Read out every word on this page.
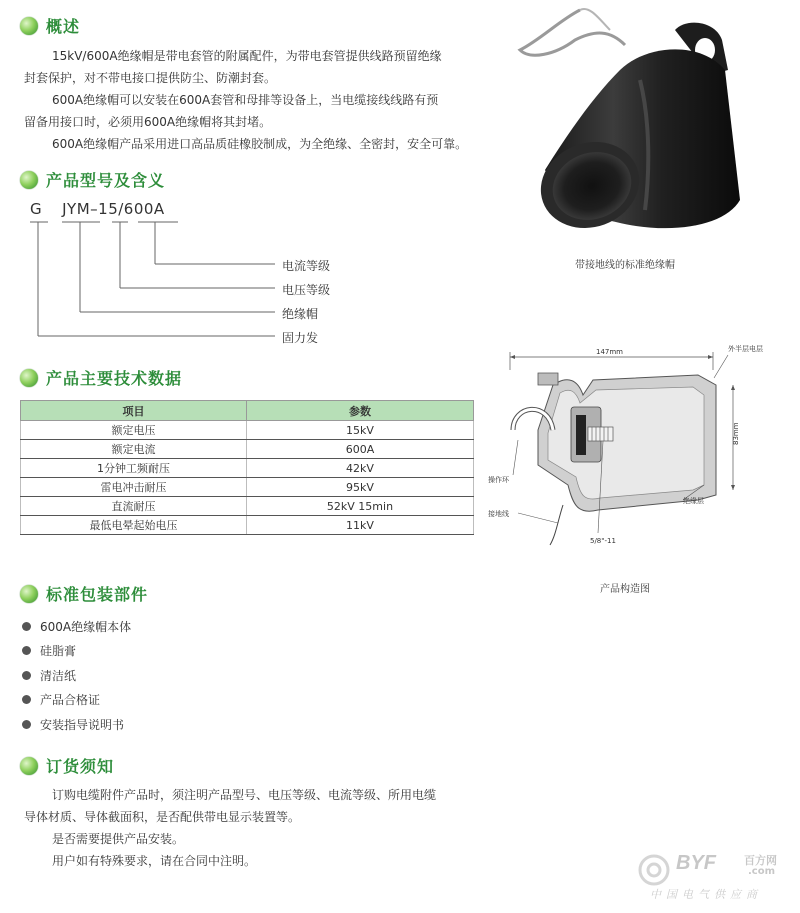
概述
15kV/600A绝缘帽是带电套管的附属配件，为带电套管提供线路预留绝缘
封套保护，对不带电接口提供防尘、防潮封套。
600A绝缘帽可以安装在600A套管和母排等设备上，当电缆接线线路有预
留备用接口时，必须用600A绝缘帽将其封堵。
600A绝缘帽产品采用进口高品质硅橡胶制成，为全绝缘、全密封，安全可靠。
带接地线的标准绝缘帽
产品型号及含义
G JYM–15/600A
电流等级
电压等级
绝缘帽
固力发
产品主要技术数据
项目	参数
额定电压	15kV
额定电流	600A
1分钟工频耐压	42kV
雷电冲击耐压	95kV
直流耐压	52kV 15min
最低电晕起始电压	11kV
147mm
83mm
外半层电层
操作环
绝缘层
接地线
5/8"-11
产品构造图
标准包装部件
600A绝缘帽本体
硅脂膏
清洁纸
产品合格证
安装指导说明书
订货须知
订购电缆附件产品时，须注明产品型号、电压等级、电流等级、所用电缆
导体材质、导体截面积，是否配供带电显示装置等。
是否需要提供产品安装。
用户如有特殊要求，请在合同中注明。	BYF	百方网
.com
中国电气供应商
